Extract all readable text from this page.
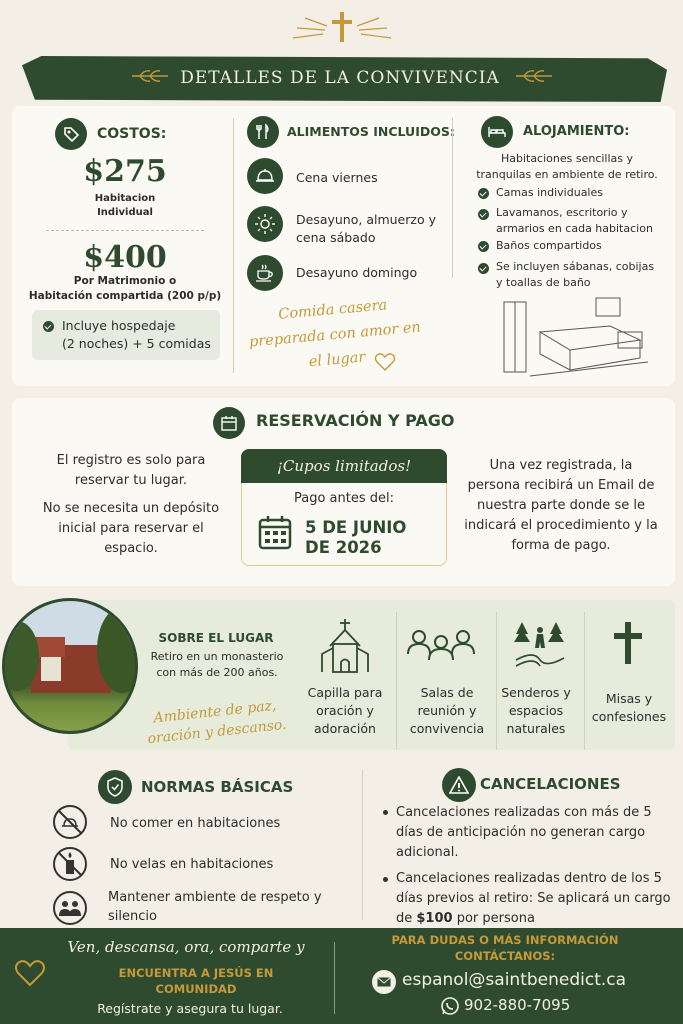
DETALLES DE LA CONVIVENCIA
COSTOS:
$275
Habitacion
Individual
$400
Por Matrimonio o
Habitación compartida (200 p/p)
Incluye hospedaje
(2 noches) + 5 comidas
ALIMENTOS INCLUIDOS:
Cena viernes
Desayuno, almuerzo y
cena sábado
Desayuno domingo
Comida casera
preparada con amor en
el lugar
ALOJAMIENTO:
Habitaciones sencillas y
tranquilas en ambiente de retiro.
Camas individuales
Lavamanos, escritorio y
armarios en cada habitacion
Baños compartidos
Se incluyen sábanas, cobijas
y toallas de baño
RESERVACIÓN Y PAGO
El registro es solo para
reservar tu lugar.
No se necesita un depósito
inicial para reservar el
espacio.
¡Cupos limitados!
Pago antes del:
5 DE JUNIO
DE 2026
Una vez registrada, la
persona recibirá un Email de
nuestra parte donde se le
indicará el procedimiento y la
forma de pago.
SOBRE EL LUGAR
Retiro en un monasterio
con más de 200 años.
Ambiente de paz,
oración y descanso.
Capilla para
oración y
adoración
Salas de
reunión y
convivencia
Senderos y
espacios
naturales
Misas y
confesiones
NORMAS BÁSICAS
No comer en habitaciones
No velas en habitaciones
Mantener ambiente de respeto y
silencio
CANCELACIONES
Cancelaciones realizadas con más de 5
días de anticipación no generan cargo
adicional.
Cancelaciones realizadas dentro de los 5
días previos al retiro: Se aplicará un cargo
de $100 por persona
Ven, descansa, ora, comparte y
ENCUENTRA A JESÚS EN
COMUNIDAD
Regístrate y asegura tu lugar.
PARA DUDAS O MÁS INFORMACIÓN
CONTÁCTANOS:
espanol@saintbenedict.ca
902-880-7095
